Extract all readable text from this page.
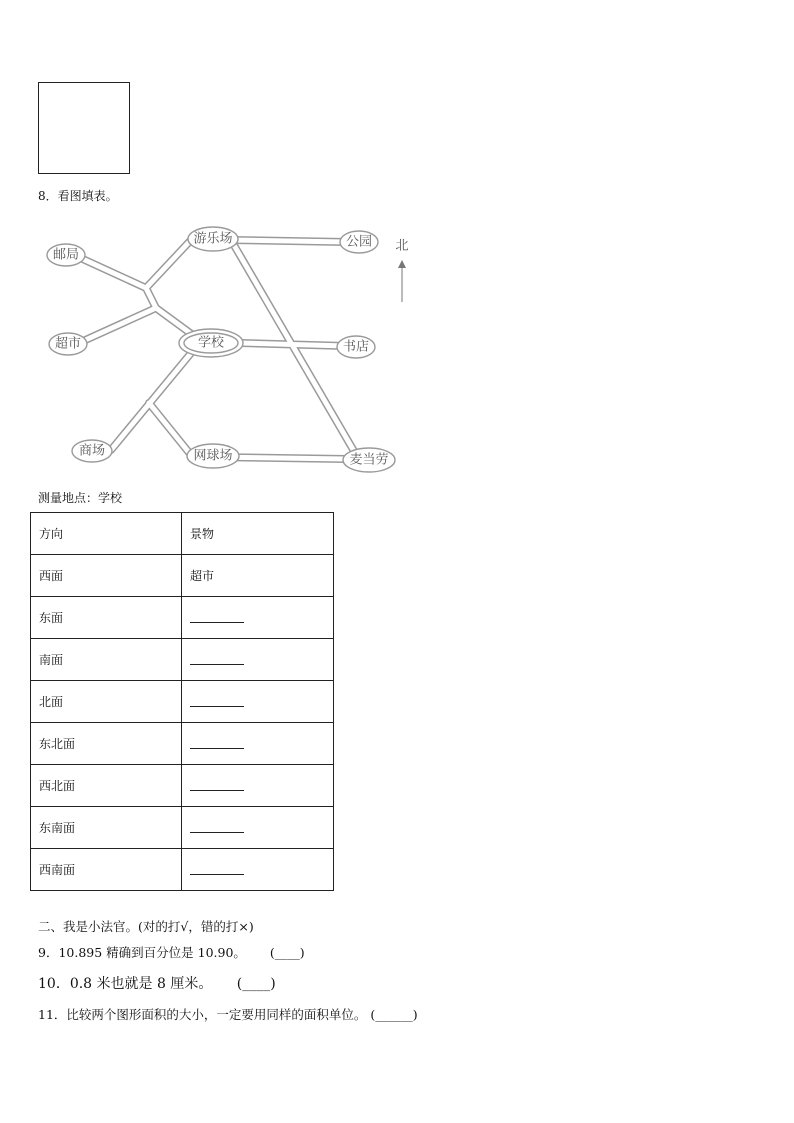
8．看图填表。
邮局
超市
游乐场	公园
学校	书店
商场	网球场	麦当劳
北
测量地点：学校
方向	景物
西面	超市
东面	
南面	
北面	
东北面	
西北面	
东南面	
西南面	
二、我是小法官。(对的打√，错的打×)
9．10.895 精确到百分位是 10.90。 (____)
10．0.8 米也就是 8 厘米。 (____)
11．比较两个图形面积的大小，一定要用同样的面积单位。 (______)
